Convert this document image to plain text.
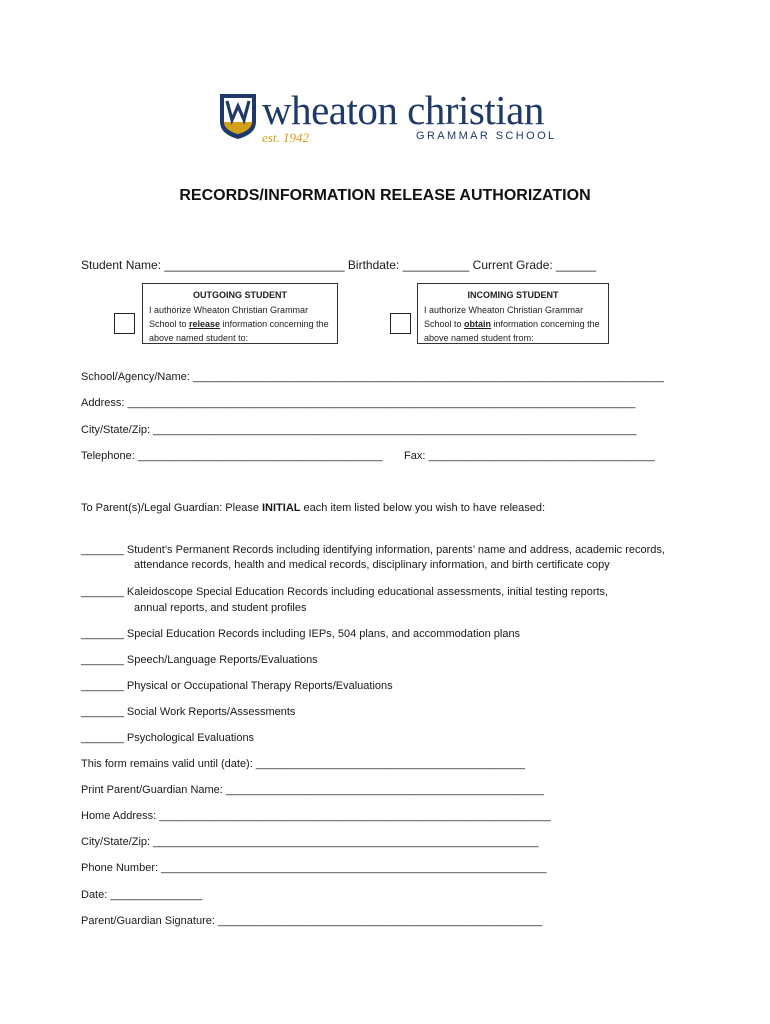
wheaton christian
est. 1942	GRAMMAR SCHOOL
RECORDS/INFORMATION RELEASE AUTHORIZATION
Student Name: ___________________________ Birthdate: __________ Current Grade: ______
OUTGOING STUDENT
I authorize Wheaton Christian Grammar School to release information concerning the above named student to:
INCOMING STUDENT
I authorize Wheaton Christian Grammar School to obtain information concerning the above named student from:
School/Agency/Name: _____________________________________________________________________________
Address: ___________________________________________________________________________________
City/State/Zip: _______________________________________________________________________________
Telephone: ________________________________________ Fax: _____________________________________
To Parent(s)/Legal Guardian: Please INITIAL each item listed below you wish to have released:
_______ Student’s Permanent Records including identifying information, parents’ name and address, academic records,
attendance records, health and medical records, disciplinary information, and birth certificate copy
_______ Kaleidoscope Special Education Records including educational assessments, initial testing reports,
annual reports, and student profiles
_______ Special Education Records including IEPs, 504 plans, and accommodation plans
_______ Speech/Language Reports/Evaluations
_______ Physical or Occupational Therapy Reports/Evaluations
_______ Social Work Reports/Assessments
_______ Psychological Evaluations
This form remains valid until (date): ____________________________________________
Print Parent/Guardian Name: ____________________________________________________
Home Address: ________________________________________________________________
City/State/Zip: _______________________________________________________________
Phone Number: _______________________________________________________________
Date: _______________
Parent/Guardian Signature: _____________________________________________________
